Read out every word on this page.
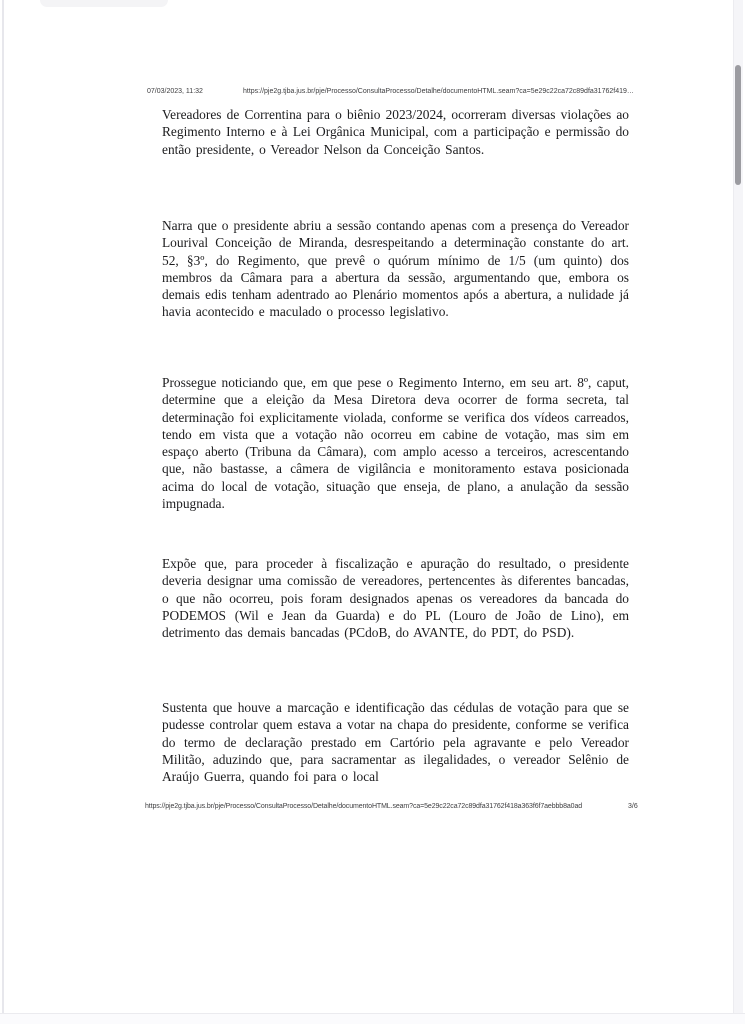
07/03/2023, 11:32	https://pje2g.tjba.jus.br/pje/Processo/ConsultaProcesso/Detalhe/documentoHTML.seam?ca=5e29c22ca72c89dfa31762f419…

Vereadores de Correntina para o biênio 2023/2024, ocorreram diversas violações ao Regimento Interno e à Lei Orgânica Municipal, com a participação e permissão do então presidente, o Vereador Nelson da Conceição Santos.

Narra que o presidente abriu a sessão contando apenas com a presença do Vereador Lourival Conceição de Miranda, desrespeitando a determinação constante do art. 52, §3º, do Regimento, que prevê o quórum mínimo de 1/5 (um quinto) dos membros da Câmara para a abertura da sessão, argumentando que, embora os demais edis tenham adentrado ao Plenário momentos após a abertura, a nulidade já havia acontecido e maculado o processo legislativo.

Prossegue noticiando que, em que pese o Regimento Interno, em seu art. 8º, caput, determine que a eleição da Mesa Diretora deva ocorrer de forma secreta, tal determinação foi explicitamente violada, conforme se verifica dos vídeos carreados, tendo em vista que a votação não ocorreu em cabine de votação, mas sim em espaço aberto (Tribuna da Câmara), com amplo acesso a terceiros, acrescentando que, não bastasse, a câmera de vigilância e monitoramento estava posicionada acima do local de votação, situação que enseja, de plano, a anulação da sessão impugnada.

Expõe que, para proceder à fiscalização e apuração do resultado, o presidente deveria designar uma comissão de vereadores, pertencentes às diferentes bancadas, o que não ocorreu, pois foram designados apenas os vereadores da bancada do PODEMOS (Wil e Jean da Guarda) e do PL (Louro de João de Lino), em detrimento das demais bancadas (PCdoB, do AVANTE, do PDT, do PSD).

Sustenta que houve a marcação e identificação das cédulas de votação para que se pudesse controlar quem estava a votar na chapa do presidente, conforme se verifica do termo de declaração prestado em Cartório pela agravante e pelo Vereador Militão, aduzindo que, para sacramentar as ilegalidades, o vereador Selênio de Araújo Guerra, quando foi para o local

https://pje2g.tjba.jus.br/pje/Processo/ConsultaProcesso/Detalhe/documentoHTML.seam?ca=5e29c22ca72c89dfa31762f418a363f6f7aebbb8a0ad	3/6
